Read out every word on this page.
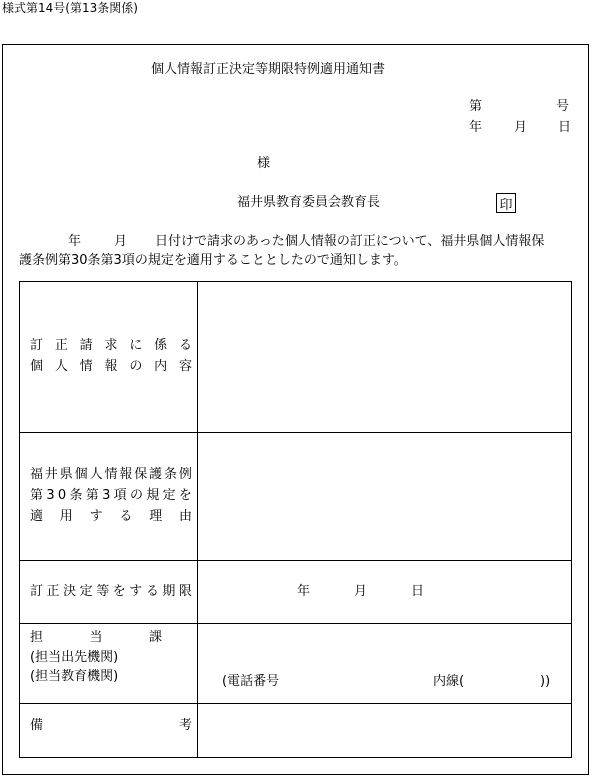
様式第14号(第13条関係)
個人情報訂正決定等期限特例適用通知書
第	号
年 月 日
様
福井県教育委員会教育長	印
年	月 日付けで請求のあった個人情報の訂正について、福井県個人情報保
護条例第30条第3項の規定を適用することとしたので通知します。
訂 正 請 求 に 係 る
個 人 情 報 の 内 容
福 井 県 個 人 情 報 保 護 条 例
第 3 0 条 第 3 項 の 規 定 を
適 用 す る 理 由
訂 正 決 定 等 を す る 期 限	年	月	日
担	当	課
(担当出先機関)
(担当教育機関)	(電話番号	内線(	))
備	考
